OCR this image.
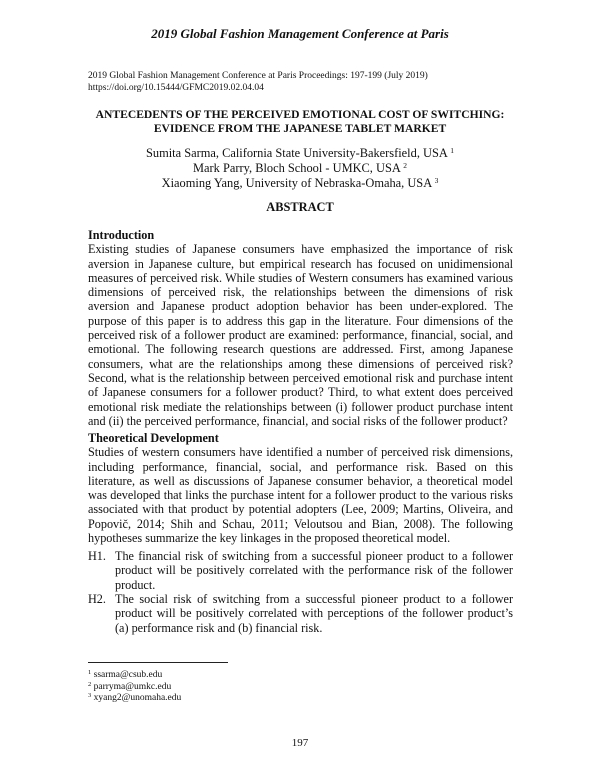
2019 Global Fashion Management Conference at Paris
2019 Global Fashion Management Conference at Paris Proceedings: 197-199 (July 2019)
https://doi.org/10.15444/GFMC2019.02.04.04
ANTECEDENTS OF THE PERCEIVED EMOTIONAL COST OF SWITCHING:
EVIDENCE FROM THE JAPANESE TABLET MARKET
Sumita Sarma, California State University-Bakersfield, USA $^1$
Mark Parry, Bloch School - UMKC, USA $^2$
Xiaoming Yang, University of Nebraska-Omaha, USA $^3$
ABSTRACT
Introduction
Existing studies of Japanese consumers have emphasized the importance of risk aversion in Japanese culture, but empirical research has focused on unidimensional measures of perceived risk. While studies of Western consumers has examined various dimensions of perceived risk, the relationships between the dimensions of risk aversion and Japanese product adoption behavior has been under-explored. The purpose of this paper is to address this gap in the literature. Four dimensions of the perceived risk of a follower product are examined: performance, financial, social, and emotional. The following research questions are addressed. First, among Japanese consumers, what are the relationships among these dimensions of perceived risk? Second, what is the relationship between perceived emotional risk and purchase intent of Japanese consumers for a follower product? Third, to what extent does perceived emotional risk mediate the relationships between (i) follower product purchase intent and (ii) the perceived performance, financial, and social risks of the follower product?
Theoretical Development
Studies of western consumers have identified a number of perceived risk dimensions, including performance, financial, social, and performance risk. Based on this literature, as well as discussions of Japanese consumer behavior, a theoretical model was developed that links the purchase intent for a follower product to the various risks associated with that product by potential adopters (Lee, 2009; Martins, Oliveira, and Popovič, 2014; Shih and Schau, 2011; Veloutsou and Bian, 2008). The following hypotheses summarize the key linkages in the proposed theoretical model.
H1. The financial risk of switching from a successful pioneer product to a follower product will be positively correlated with the performance risk of the follower product.
H2. The social risk of switching from a successful pioneer product to a follower product will be positively correlated with perceptions of the follower product’s (a) performance risk and (b) financial risk.
$^1$ ssarma@csub.edu
$^2$ parryma@umkc.edu
$^3$ xyang2@unomaha.edu
197
